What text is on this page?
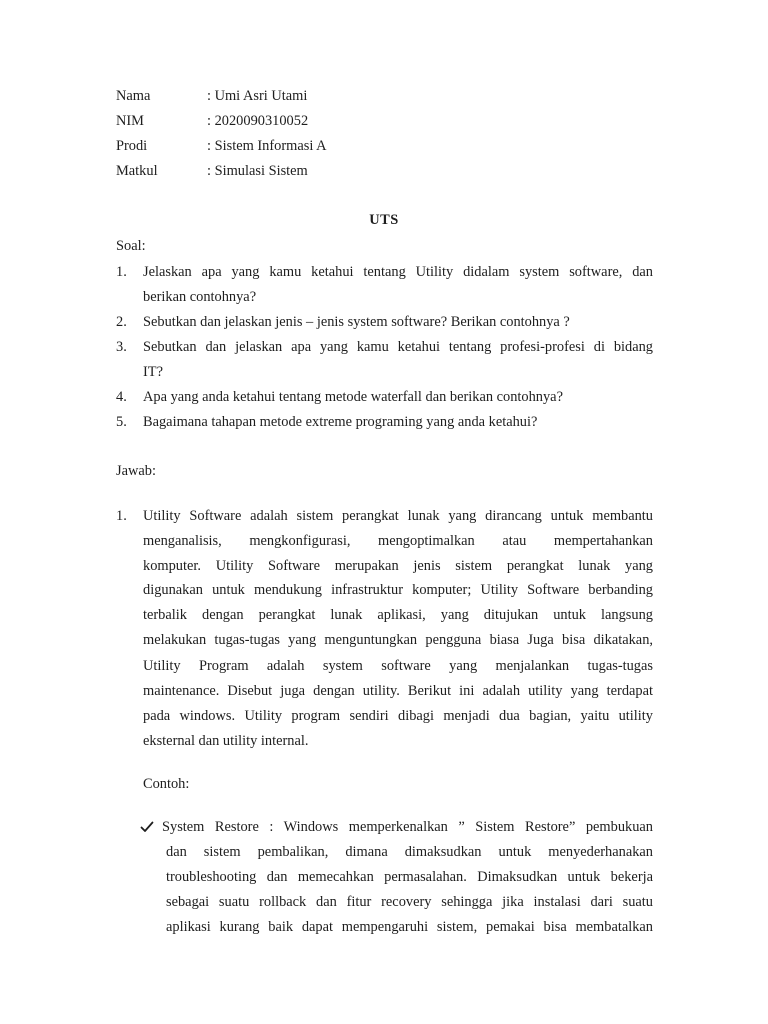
Nama	: Umi Asri Utami
NIM	: 2020090310052
Prodi	: Sistem Informasi A
Matkul	: Simulasi Sistem
UTS
Soal:
1. Jelaskan apa yang kamu ketahui tentang Utility didalam system software, dan
berikan contohnya?
2. Sebutkan dan jelaskan jenis – jenis system software? Berikan contohnya ?
3. Sebutkan dan jelaskan apa yang kamu ketahui tentang profesi-profesi di bidang
IT?
4. Apa yang anda ketahui tentang metode waterfall dan berikan contohnya?
5. Bagaimana tahapan metode extreme programing yang anda ketahui?
Jawab:
1. Utility Software adalah sistem perangkat lunak yang dirancang untuk membantu
menganalisis, mengkonfigurasi, mengoptimalkan atau mempertahankan
komputer. Utility Software merupakan jenis sistem perangkat lunak yang
digunakan untuk mendukung infrastruktur komputer; Utility Software berbanding
terbalik dengan perangkat lunak aplikasi, yang ditujukan untuk langsung
melakukan tugas-tugas yang menguntungkan pengguna biasa Juga bisa dikatakan,
Utility Program adalah system software yang menjalankan tugas-tugas
maintenance. Disebut juga dengan utility. Berikut ini adalah utility yang terdapat
pada windows. Utility program sendiri dibagi menjadi dua bagian, yaitu utility
eksternal dan utility internal.
Contoh:
System Restore : Windows memperkenalkan ” Sistem Restore” pembukuan
dan sistem pembalikan, dimana dimaksudkan untuk menyederhanakan
troubleshooting dan memecahkan permasalahan. Dimaksudkan untuk bekerja
sebagai suatu rollback dan fitur recovery sehingga jika instalasi dari suatu
aplikasi kurang baik dapat mempengaruhi sistem, pemakai bisa membatalkan
